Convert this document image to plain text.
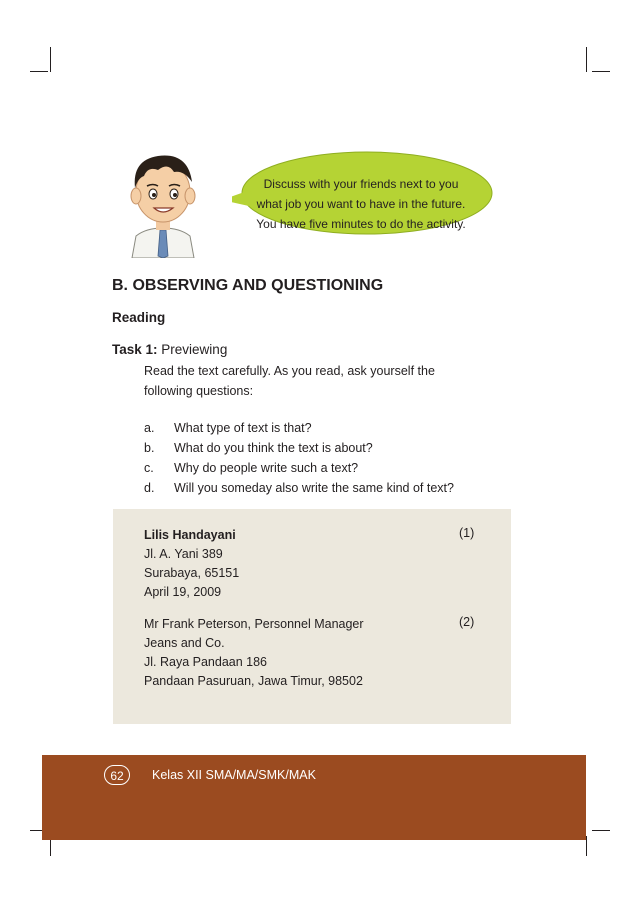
Discuss with your friends next to you
what job you want to have in the future.
You have five minutes to do the activity.
B. OBSERVING AND QUESTIONING
Reading
Task 1: Previewing
Read the text carefully. As you read, ask yourself the
following questions:
a.	What type of text is that?
b.	What do you think the text is about?
c.	Why do people write such a text?
d.	Will you someday also write the same kind of text?
Lilis Handayani
Jl. A. Yani 389
Surabaya, 65151
April 19, 2009
(1)
Mr Frank Peterson, Personnel Manager
Jeans and Co.
Jl. Raya Pandaan 186
Pandaan Pasuruan, Jawa Timur, 98502
(2)
62	Kelas XII SMA/MA/SMK/MAK
